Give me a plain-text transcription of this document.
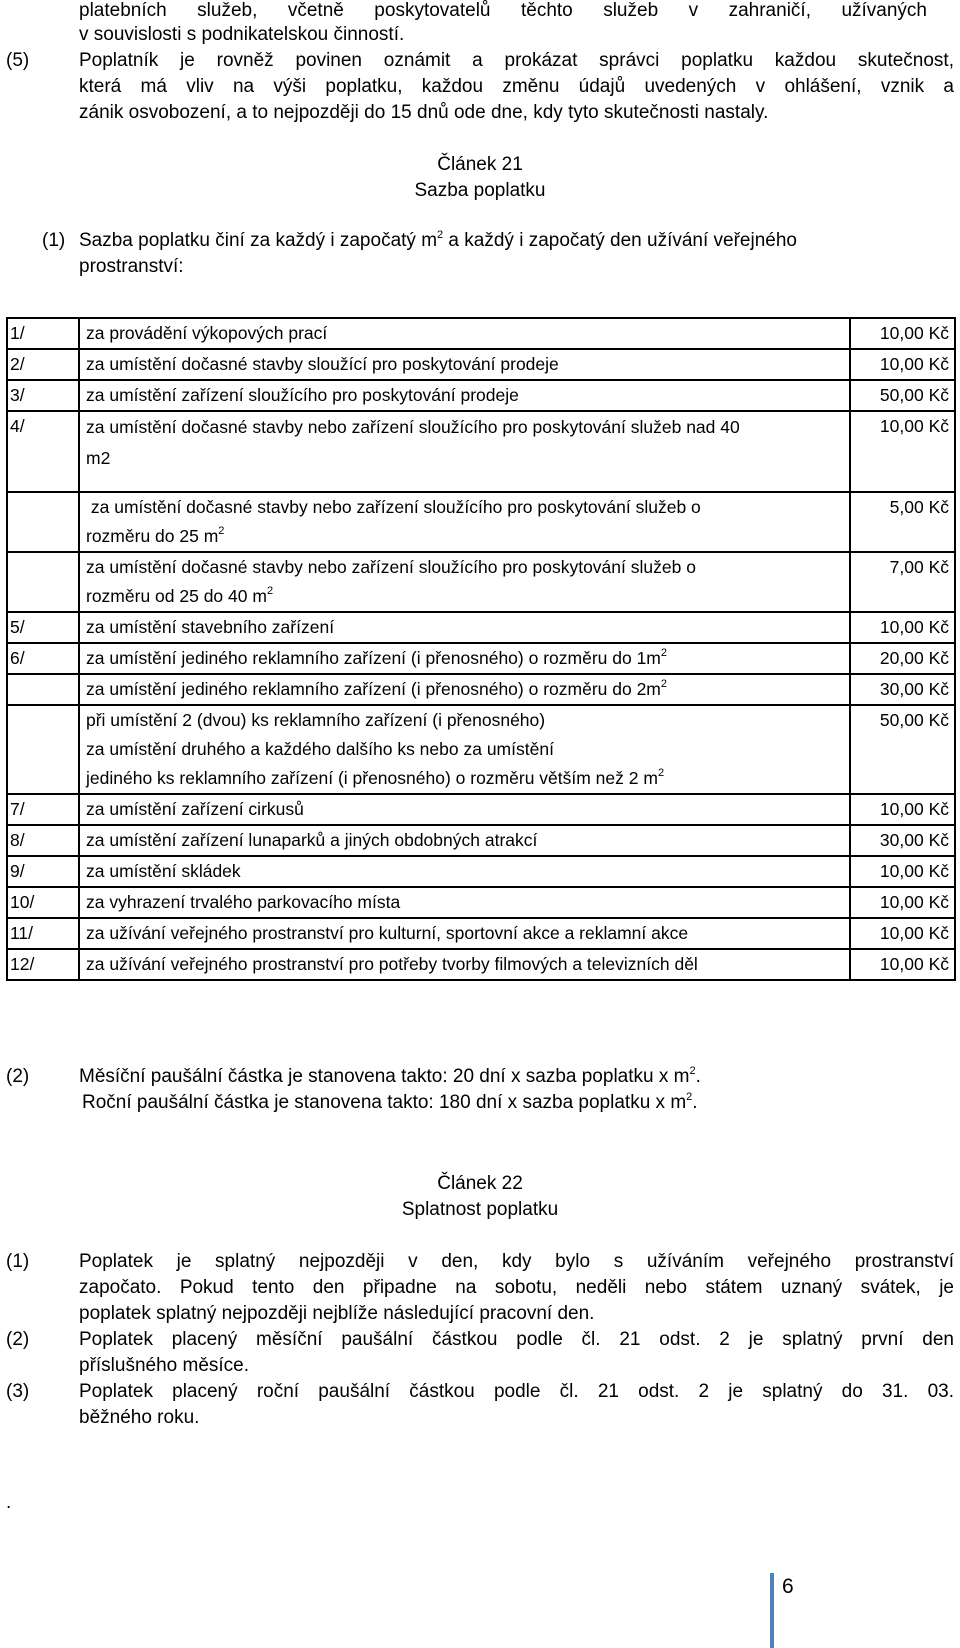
platebních služeb, včetně poskytovatelů těchto služeb v zahraničí, užívaných
v souvislosti s podnikatelskou činností.
(5)	Poplatník je rovněž povinen oznámit a prokázat správci poplatku každou skutečnost,
která má vliv na výši poplatku, každou změnu údajů uvedených v ohlášení, vznik a
zánik osvobození, a to nejpozději do 15 dnů ode dne, kdy tyto skutečnosti nastaly.
Článek 21
Sazba poplatku
(1) Sazba poplatku činí za každý i započatý $m^2$ a každý i započatý den užívání veřejného
prostranství:
1/	za provádění výkopových prací	10,00 Kč
2/	za umístění dočasné stavby sloužící pro poskytování prodeje	10,00 Kč
3/	za umístění zařízení sloužícího pro poskytování prodeje	50,00 Kč
4/	za umístění dočasné stavby nebo zařízení sloužícího pro poskytování služeb nad 40
m2	10,00 Kč

	za umístění dočasné stavby nebo zařízení sloužícího pro poskytování služeb o
rozměru do 25 $m^2$	5,00 Kč
	za umístění dočasné stavby nebo zařízení sloužícího pro poskytování služeb o
rozměru od 25 do 40 $m^2$	7,00 Kč
5/	za umístění stavebního zařízení	10,00 Kč
6/	za umístění jediného reklamního zařízení (i přenosného) o rozměru do $1m^2$	20,00 Kč
	za umístění jediného reklamního zařízení (i přenosného) o rozměru do $2m^2$	30,00 Kč
	při umístění 2 (dvou) ks reklamního zařízení (i přenosného)
za umístění druhého a každého dalšího ks nebo za umístění
jediného ks reklamního zařízení (i přenosného) o rozměru větším než 2 $m^2$	50,00 Kč
7/	za umístění zařízení cirkusů	10,00 Kč
8/	za umístění zařízení lunaparků a jiných obdobných atrakcí	30,00 Kč
9/	za umístění skládek	10,00 Kč
10/	za vyhrazení trvalého parkovacího místa	10,00 Kč
11/	za užívání veřejného prostranství pro kulturní, sportovní akce a reklamní akce	10,00 Kč
12/	za užívání veřejného prostranství pro potřeby tvorby filmových a televizních děl	10,00 Kč
(2)	Měsíční paušální částka je stanovena takto: 20 dní x sazba poplatku x $m^2$.
Roční paušální částka je stanovena takto: 180 dní x sazba poplatku x $m^2$.
Článek 22
Splatnost poplatku
(1)	Poplatek je splatný nejpozději v den, kdy bylo s užíváním veřejného prostranství
započato. Pokud tento den připadne na sobotu, neděli nebo státem uznaný svátek, je
poplatek splatný nejpozději nejblíže následující pracovní den.
(2)	Poplatek placený měsíční paušální částkou podle čl. 21 odst. 2 je splatný první den
příslušného měsíce.
(3)	Poplatek placený roční paušální částkou podle čl. 21 odst. 2 je splatný do 31. 03.
běžného roku.
.
6
